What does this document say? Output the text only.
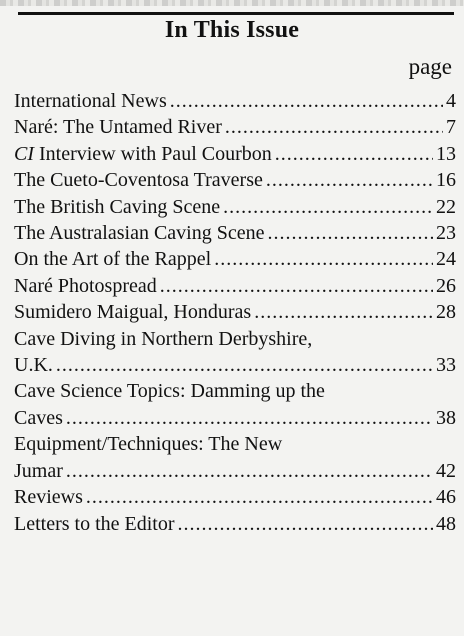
In This Issue
page
International News .....	4
Naré: The Untamed River .....	7
CI Interview with Paul Courbon .....	13
The Cueto-Coventosa Traverse .....	16
The British Caving Scene .....	22
The Australasian Caving Scene .....	23
On the Art of the Rappel .....	24
Naré Photospread .....	26
Sumidero Maigual, Honduras .....	28
Cave Diving in Northern Derbyshire,
U.K. .....	33
Cave Science Topics: Damming up the
Caves .....	38
Equipment/Techniques: The New
Jumar .....	42
Reviews .....	46
Letters to the Editor .....	48
